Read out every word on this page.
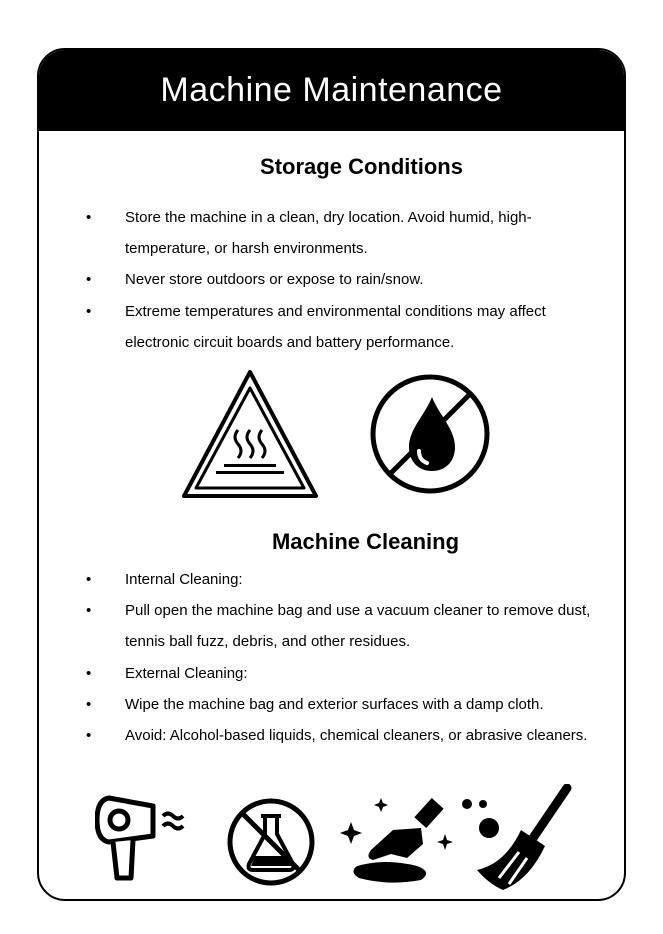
Machine Maintenance
Storage Conditions
• Store the machine in a clean, dry location. Avoid humid, high-temperature, or harsh environments.
• Never store outdoors or expose to rain/snow.
• Extreme temperatures and environmental conditions may affect electronic circuit boards and battery performance.
Machine Cleaning
• Internal Cleaning:
• Pull open the machine bag and use a vacuum cleaner to remove dust, tennis ball fuzz, debris, and other residues.
• External Cleaning:
• Wipe the machine bag and exterior surfaces with a damp cloth.
• Avoid: Alcohol-based liquids, chemical cleaners, or abrasive cleaners.
